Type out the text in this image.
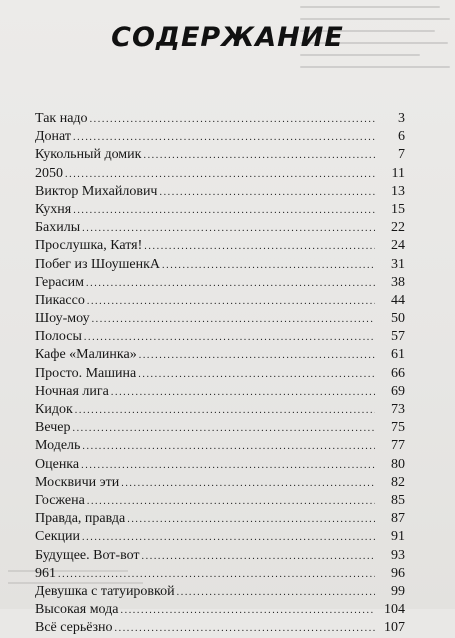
СОДЕРЖАНИЕ
Так надо .....	3
Донат .....	6
Кукольный домик .....	7
2050 .....	11
Виктор Михайлович .....	13
Кухня .....	15
Бахилы .....	22
Прослушка, Катя! .....	24
Побег из ШоушенкА .....	31
Герасим .....	38
Пикассо .....	44
Шоу-моу .....	50
Полосы .....	57
Кафе «Малинка» .....	61
Просто. Машина .....	66
Ночная лига .....	69
Кидок .....	73
Вечер .....	75
Модель .....	77
Оценка .....	80
Москвичи эти .....	82
Госжена .....	85
Правда, правда .....	87
Секции .....	91
Будущее. Вот-вот .....	93
961 .....	96
Девушка с татуировкой .....	99
Высокая мода .....	104
Всё серьёзно .....	107
